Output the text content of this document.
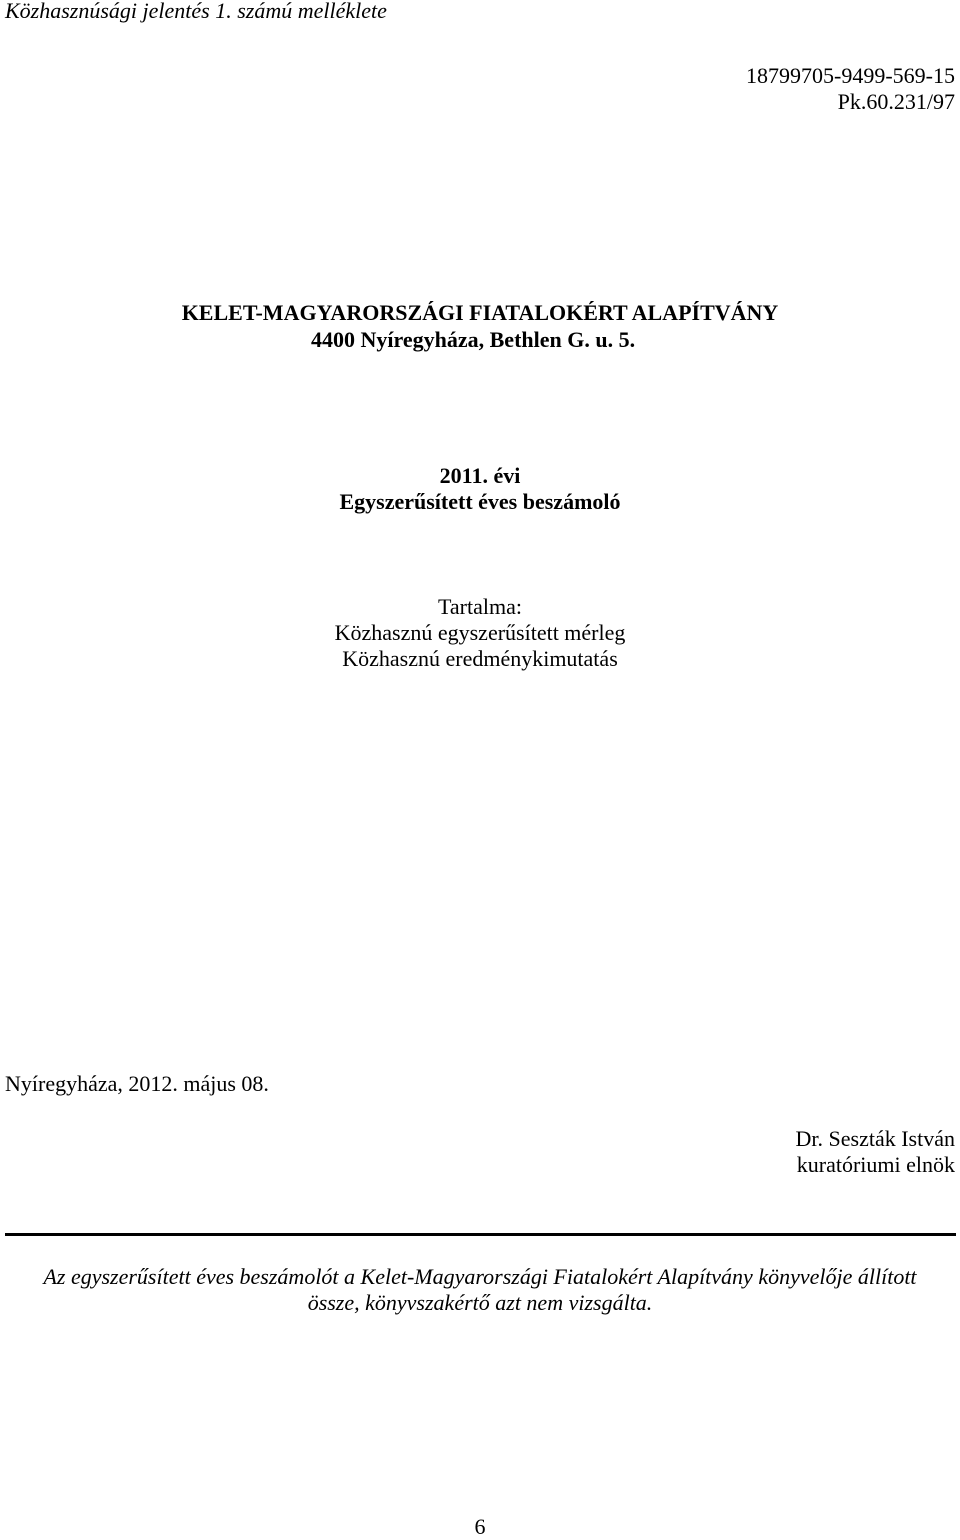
Közhasznúsági jelentés 1. számú melléklete
18799705-9499-569-15
Pk.60.231/97
KELET-MAGYARORSZÁGI FIATALOKÉRT ALAPÍTVÁNY
4400 Nyíregyháza, Bethlen G. u. 5.
2011. évi
Egyszerűsített éves beszámoló
Tartalma:
Közhasznú egyszerűsített mérleg
Közhasznú eredménykimutatás
Nyíregyháza, 2012. május 08.
Dr. Seszták István
kuratóriumi elnök
Az egyszerűsített éves beszámolót a Kelet-Magyarországi Fiatalokért Alapítvány könyvelője állított
össze, könyvszakértő azt nem vizsgálta.
6
